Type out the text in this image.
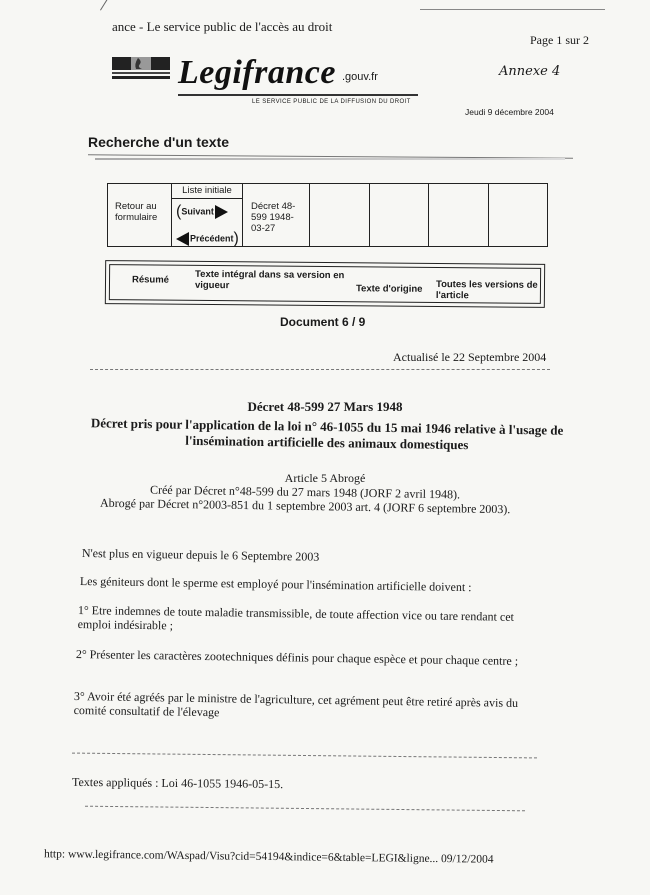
ance - Le service public de l'accès au droit
Page 1 sur 2
Legifrance .gouv.fr
LE SERVICE PUBLIC DE LA DIFFUSION DU DROIT
Annexe 4
Jeudi 9 décembre 2004
Recherche d'un texte
Retour au formulaire
Liste initiale
(Suivant
Précédent)
Décret 48-599 1948-03-27
Résumé	Texte intégral dans sa version en vigueur	Texte d'origine Toutes les versions de l'article
Document 6 / 9
Actualisé le 22 Septembre 2004
Décret 48-599 27 Mars 1948
Décret pris pour l'application de la loi n° 46-1055 du 15 mai 1946 relative à l'usage de l'insémination artificielle des animaux domestiques
Article 5 Abrogé
Créé par Décret n°48-599 du 27 mars 1948 (JORF 2 avril 1948).
Abrogé par Décret n°2003-851 du 1 septembre 2003 art. 4 (JORF 6 septembre 2003).
N'est plus en vigueur depuis le 6 Septembre 2003
Les géniteurs dont le sperme est employé pour l'insémination artificielle doivent :
1° Etre indemnes de toute maladie transmissible, de toute affection vice ou tare rendant cet emploi indésirable ;
2° Présenter les caractères zootechniques définis pour chaque espèce et pour chaque centre ;
3° Avoir été agréés par le ministre de l'agriculture, cet agrément peut être retiré après avis du comité consultatif de l'élevage
Textes appliqués : Loi 46-1055 1946-05-15.
http: www.legifrance.com/WAspad/Visu?cid=54194&indice=6&table=LEGI&ligne... 09/12/2004
